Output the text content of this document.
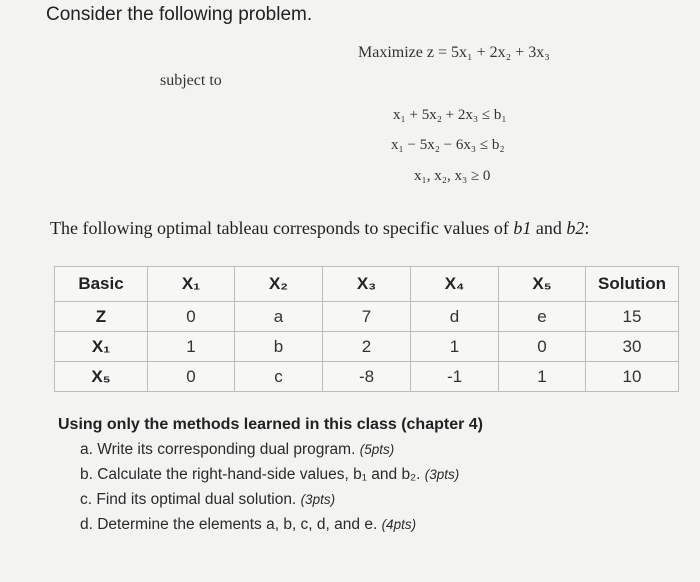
Consider the following problem.
Maximize z = 5x₁ + 2x₂ + 3x₃
subject to
x₁ + 5x₂ + 2x₃ ≤ b₁
x₁ − 5x₂ − 6x₃ ≤ b₂
x₁, x₂, x₃ ≥ 0
The following optimal tableau corresponds to specific values of b1 and b2:
Basic	X₁	X₂	X₃	X₄	X₅	Solution
Z	0	a	7	d	e	15
X₁	1	b	2	1	0	30
X₅	0	c	-8	-1	1	10
Using only the methods learned in this class (chapter 4)
a. Write its corresponding dual program. (5pts)
b. Calculate the right-hand-side values, b₁ and b₂. (3pts)
c. Find its optimal dual solution. (3pts)
d. Determine the elements a, b, c, d, and e. (4pts)
